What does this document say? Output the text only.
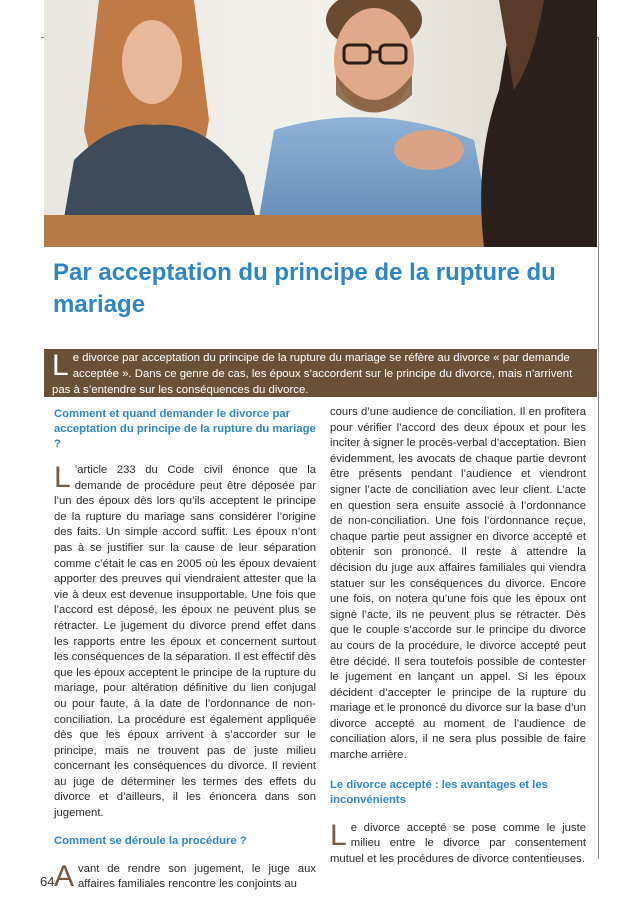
Par acceptation du principe de la rupture du mariage
Le divorce par acceptation du principe de la rupture du mariage se réfère au divorce « par demande acceptée ». Dans ce genre de cas, les époux s’accordent sur le principe du divorce, mais n’arrivent pas à s’entendre sur les conséquences du divorce.
Comment et quand demander le divorce par acceptation du principe de la rupture du mariage ?
L ’article 233 du Code civil énonce que la demande de procédure peut être déposée par l’un des époux dès lors qu’ils acceptent le principe de la rupture du mariage sans considérer l’origine des faits. Un simple accord suffit. Les époux n’ont pas à se justifier sur la cause de leur séparation comme c’était le cas en 2005 où les époux devaient apporter des preuves qui viendraient attester que la vie à deux est devenue insupportable. Une fois que l’accord est déposé, les époux ne peuvent plus se rétracter. Le jugement du divorce prend effet dans les rapports entre les époux et concernent surtout les conséquences de la séparation. Il est effectif dès que les époux acceptent le principe de la rupture du mariage, pour altération définitive du lien conjugal ou pour faute, à la date de l’ordonnance de non-conciliation. La procédure est également appliquée dès que les époux arrivent à s’accorder sur le principe, mais ne trouvent pas de juste milieu concernant les conséquences du divorce. Il revient au juge de déterminer les termes des effets du divorce et d’ailleurs, il les énoncera dans son jugement.
Comment se déroule la procédure ?
Avant de rendre son jugement, le juge aux affaires familiales rencontre les conjoints au
cours d’une audience de conciliation. Il en profitera pour vérifier l’accord des deux époux et pour les inciter à signer le procès-verbal d’acceptation. Bien évidemment, les avocats de chaque partie devront être présents pendant l’audience et viendront signer l’acte de conciliation avec leur client. L’acte en question sera ensuite associé à l’ordonnance de non-conciliation. Une fois l’ordonnance reçue, chaque partie peut assigner en divorce accepté et obtenir son prononcé. Il reste à attendre la décision du juge aux affaires familiales qui viendra statuer sur les conséquences du divorce. Encore une fois, on notera qu’une fois que les époux ont signé l’acte, ils ne peuvent plus se rétracter. Dès que le couple s’accorde sur le principe du divorce au cours de la procédure, le divorce accepté peut être décidé. Il sera toutefois possible de contester le jugement en lançant un appel. Si les époux décident d’accepter le principe de la rupture du mariage et le prononcé du divorce sur la base d’un divorce accepté au moment de l’audience de conciliation alors, il ne sera plus possible de faire marche arrière.
Le divorce accepté : les avantages et les inconvénients
Le divorce accepté se pose comme le juste milieu entre le divorce par consentement mutuel et les procédures de divorce contentieuses.
64
